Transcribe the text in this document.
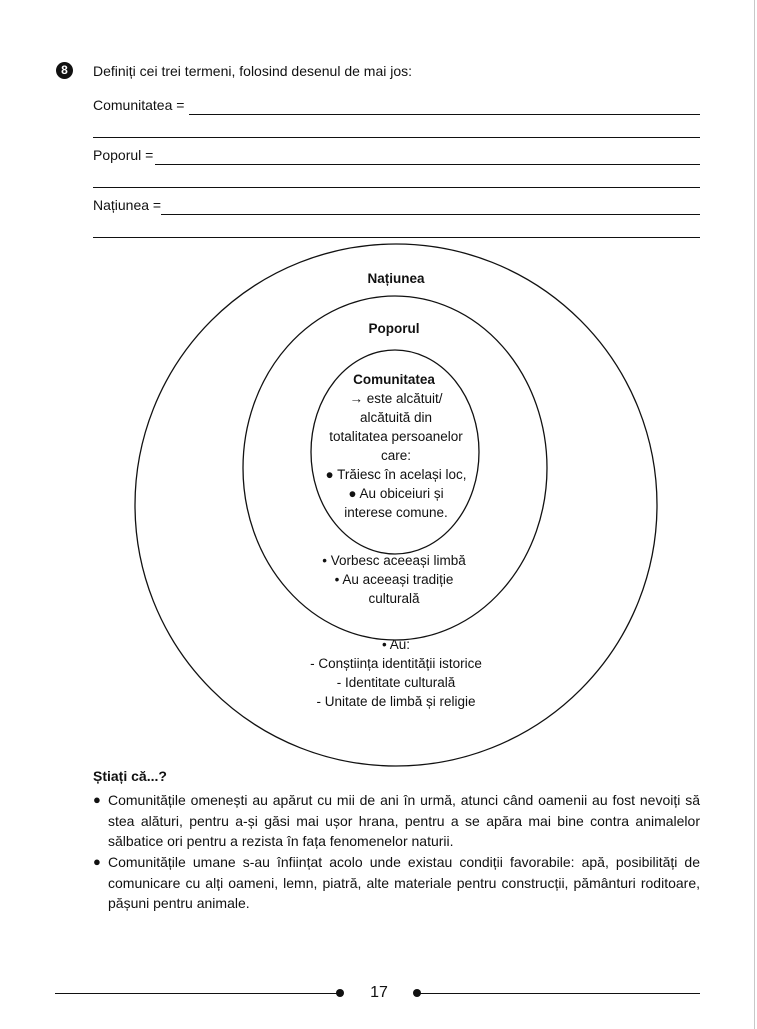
8	Definiți cei trei termeni, folosind desenul de mai jos:
Comunitatea =
Poporul =
Națiunea =
Națiunea
Poporul
Comunitatea
→ este alcătuit/
alcătuită din
totalitatea persoanelor
care:
● Trăiesc în același loc,
● Au obiceiuri și
interese comune.
• Vorbesc aceeași limbă
• Au aceeași tradiție
culturală
• Au:
- Conștiința identității istorice
- Identitate culturală
- Unitate de limbă și religie
Știați că...?
● Comunitățile omenești au apărut cu mii de ani în urmă, atunci când oamenii au fost nevoiți să stea alături, pentru a-și găsi mai ușor hrana, pentru a se apăra mai bine contra animalelor sălbatice ori pentru a rezista în fața fenomenelor naturii.
● Comunitățile umane s-au înființat acolo unde existau condiții favorabile: apă, posibilități de comunicare cu alți oameni, lemn, piatră, alte materiale pentru construcții, pământuri roditoare, pășuni pentru animale.
17
